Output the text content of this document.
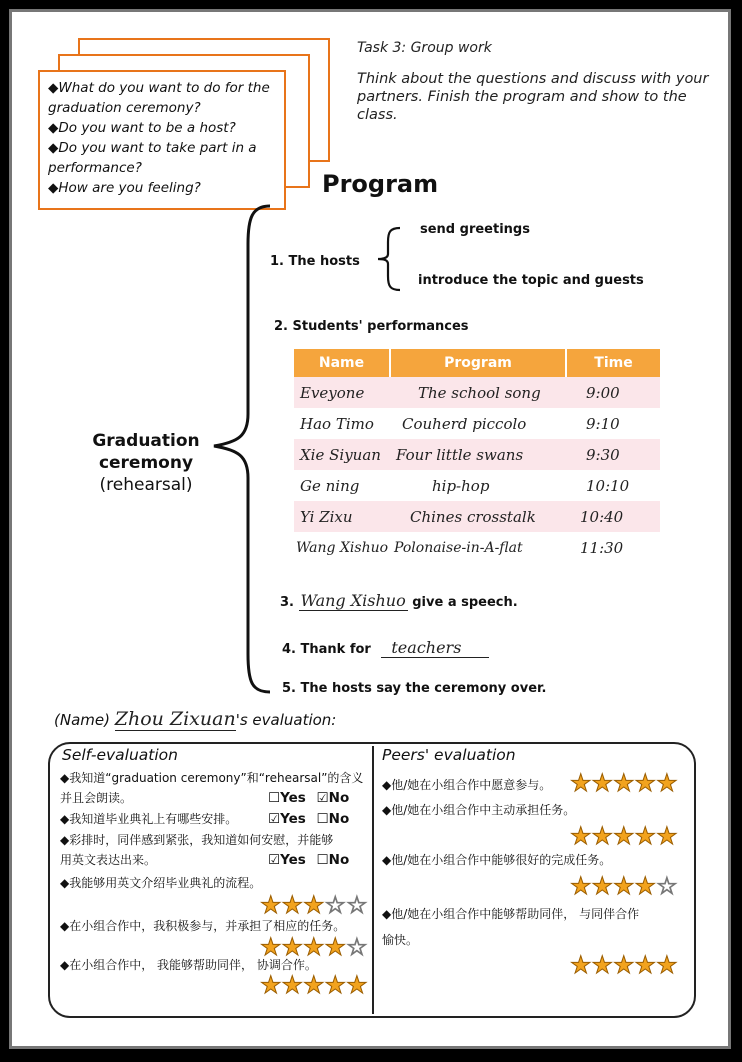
◆What do you want to do for the graduation ceremony?
◆Do you want to be a host?
◆Do you want to take part in a performance?
◆How are you feeling?
Task 3: Group work
Think about the questions and discuss with your partners. Finish the program and show to the class.
Program
Graduation
ceremony
(rehearsal)
1. The hosts
send greetings
introduce the topic and guests
2. Students' performances
Name	Program	Time
Eveyone	The school song	9:00
Hao Timo	Couherd piccolo	9:10
Xie Siyuan	Four little swans	9:30
Ge ning	hip-hop	10:10
Yi Zixu	Chines crosstalk	10:40
Wang Xishuo	Polonaise-in-A-flat	11:30
3. Wang Xishuo give a speech.
4. Thank for teachers
5. The hosts say the ceremony over.
(Name) Zhou Zixuan's evaluation:
Self-evaluation	Peers' evaluation
◆我知道“graduation ceremony”和“rehearsal”的含义
并且会朗读。	☐Yes ☑No
◆我知道毕业典礼上有哪些安排。 ☑Yes ☐No
◆彩排时，同伴感到紧张，我知道如何安慰，并能够
用英文表达出来。	☑Yes ☐No
◆我能够用英文介绍毕业典礼的流程。
★★★☆☆
◆在小组合作中，我积极参与，并承担了相应的任务。
★★★★☆
◆在小组合作中， 我能够帮助同伴， 协调合作。
★★★★★
◆他/她在小组合作中愿意参与。 ★★★★★
◆他/她在小组合作中主动承担任务。
★★★★★
◆他/她在小组合作中能够很好的完成任务。
★★★★☆
◆他/她在小组合作中能够帮助同伴， 与同伴合作
愉快。
★★★★★
